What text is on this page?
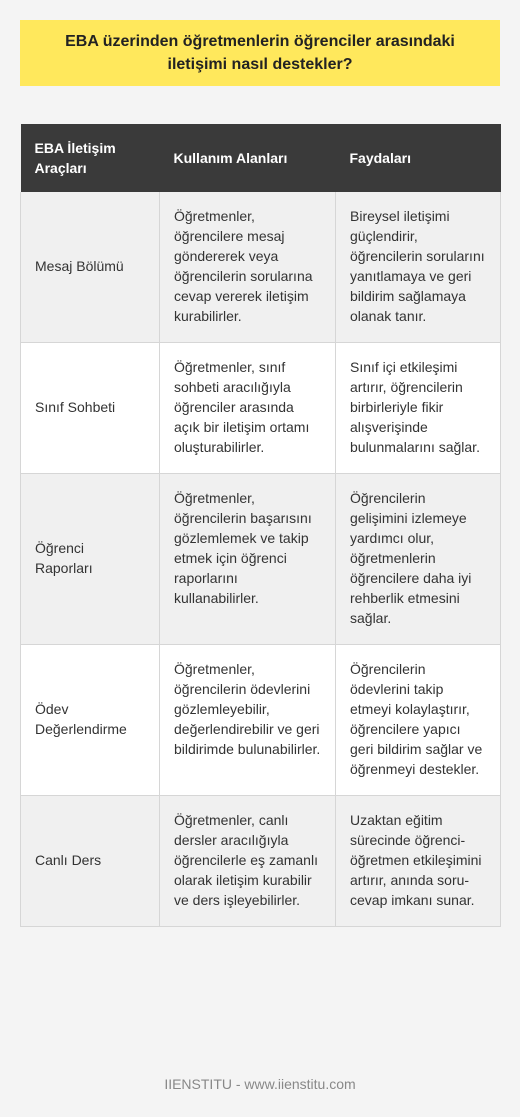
EBA üzerinden öğretmenlerin öğrenciler arasındaki iletişimi nasıl destekler?
EBA İletişim Araçları	Kullanım Alanları	Faydaları
Mesaj Bölümü	Öğretmenler, öğrencilere mesaj göndererek veya öğrencilerin sorularına cevap vererek iletişim kurabilirler.	Bireysel iletişimi güçlendirir, öğrencilerin sorularını yanıtlamaya ve geri bildirim sağlamaya olanak tanır.
Sınıf Sohbeti	Öğretmenler, sınıf sohbeti aracılığıyla öğrenciler arasında açık bir iletişim ortamı oluşturabilirler.	Sınıf içi etkileşimi artırır, öğrencilerin birbirleriyle fikir alışverişinde bulunmalarını sağlar.
Öğrenci Raporları	Öğretmenler, öğrencilerin başarısını gözlemlemek ve takip etmek için öğrenci raporlarını kullanabilirler.	Öğrencilerin gelişimini izlemeye yardımcı olur, öğretmenlerin öğrencilere daha iyi rehberlik etmesini sağlar.
Ödev Değerlendirme	Öğretmenler, öğrencilerin ödevlerini gözlemleyebilir, değerlendirebilir ve geri bildirimde bulunabilirler.	Öğrencilerin ödevlerini takip etmeyi kolaylaştırır, öğrencilere yapıcı geri bildirim sağlar ve öğrenmeyi destekler.
Canlı Ders	Öğretmenler, canlı dersler aracılığıyla öğrencilerle eş zamanlı olarak iletişim kurabilir ve ders işleyebilirler.	Uzaktan eğitim sürecinde öğrenci-öğretmen etkileşimini artırır, anında soru-cevap imkanı sunar.
IIENSTITU - www.iienstitu.com
